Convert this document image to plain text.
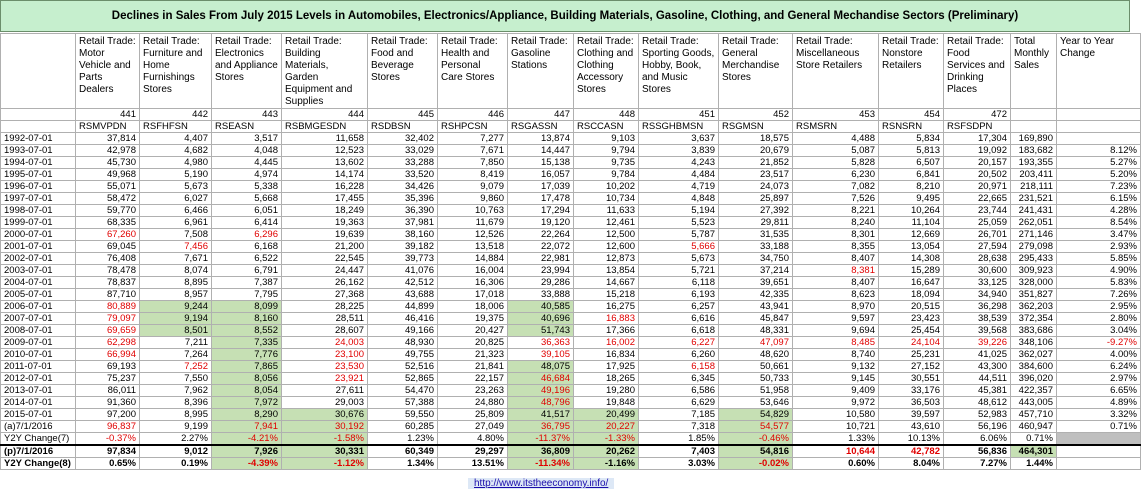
Declines in Sales From July 2015 Levels in Automobiles, Electronics/Appliance, Building Materials, Gasoline, Clothing, and General Mechandise Sectors (Preliminary)
	Retail Trade: Motor Vehicle and Parts Dealers	Retail Trade: Furniture and Home Furnishings Stores	Retail Trade: Electronics and Appliance Stores	Retail Trade: Building Materials, Garden Equipment and Supplies	Retail Trade: Food and Beverage Stores	Retail Trade: Health and Personal Care Stores	Retail Trade: Gasoline Stations	Retail Trade: Clothing and Clothing Accessory Stores	Retail Trade: Sporting Goods, Hobby, Book, and Music Stores	Retail Trade: General Merchandise Stores	Retail Trade: Miscellaneous Store Retailers	Retail Trade: Nonstore Retailers	Retail Trade: Food Services and Drinking Places	Total Monthly Sales	Year to Year Change
	441	442	443	444	445	446	447	448	451	452	453	454	472		
	RSMVPDN	RSFHFSN	RSEASN	RSBMGESDN	RSDBSN	RSHPCSN	RSGASSN	RSCCASN	RSSGHBMSN	RSGMSN	RSMSRN	RSNSRN	RSFSDPN		
1992-07-01	37,814	4,407	3,517	11,658	32,402	7,277	13,874	9,103	3,637	18,575	4,488	5,834	17,304	169,890	
1993-07-01	42,978	4,682	4,048	12,523	33,029	7,671	14,447	9,794	3,839	20,679	5,087	5,813	19,092	183,682	8.12%
1994-07-01	45,730	4,980	4,445	13,602	33,288	7,850	15,138	9,735	4,243	21,852	5,828	6,507	20,157	193,355	5.27%
1995-07-01	49,968	5,190	4,974	14,174	33,520	8,419	16,057	9,784	4,484	23,517	6,230	6,841	20,502	203,411	5.20%
1996-07-01	55,071	5,673	5,338	16,228	34,426	9,079	17,039	10,202	4,719	24,073	7,082	8,210	20,971	218,111	7.23%
1997-07-01	58,472	6,027	5,668	17,455	35,396	9,860	17,478	10,734	4,848	25,897	7,526	9,495	22,665	231,521	6.15%
1998-07-01	59,770	6,466	6,051	18,249	36,390	10,763	17,294	11,633	5,194	27,392	8,221	10,264	23,744	241,431	4.28%
1999-07-01	68,335	6,961	6,414	19,363	37,981	11,679	19,120	12,461	5,523	29,811	8,240	11,104	25,059	262,051	8.54%
2000-07-01	67,260	7,508	6,296	19,639	38,160	12,526	22,264	12,500	5,787	31,535	8,301	12,669	26,701	271,146	3.47%
2001-07-01	69,045	7,456	6,168	21,200	39,182	13,518	22,072	12,600	5,666	33,188	8,355	13,054	27,594	279,098	2.93%
2002-07-01	76,408	7,671	6,522	22,545	39,773	14,884	22,981	12,873	5,673	34,750	8,407	14,308	28,638	295,433	5.85%
2003-07-01	78,478	8,074	6,791	24,447	41,076	16,004	23,994	13,854	5,721	37,214	8,381	15,289	30,600	309,923	4.90%
2004-07-01	78,837	8,895	7,387	26,162	42,512	16,306	29,286	14,667	6,118	39,651	8,407	16,647	33,125	328,000	5.83%
2005-07-01	87,710	8,957	7,795	27,368	43,688	17,018	33,888	15,218	6,193	42,335	8,623	18,094	34,940	351,827	7.26%
2006-07-01	80,889	9,244	8,099	28,225	44,899	18,006	40,585	16,275	6,257	43,941	8,970	20,515	36,298	362,203	2.95%
2007-07-01	79,097	9,194	8,160	28,511	46,416	19,375	40,696	16,883	6,616	45,847	9,597	23,423	38,539	372,354	2.80%
2008-07-01	69,659	8,501	8,552	28,607	49,166	20,427	51,743	17,366	6,618	48,331	9,694	25,454	39,568	383,686	3.04%
2009-07-01	62,298	7,211	7,335	24,003	48,930	20,825	36,363	16,002	6,227	47,097	8,485	24,104	39,226	348,106	-9.27%
2010-07-01	66,994	7,264	7,776	23,100	49,755	21,323	39,105	16,834	6,260	48,620	8,740	25,231	41,025	362,027	4.00%
2011-07-01	69,193	7,252	7,865	23,530	52,516	21,841	48,075	17,925	6,158	50,661	9,132	27,152	43,300	384,600	6.24%
2012-07-01	75,237	7,550	8,056	23,921	52,865	22,157	46,684	18,265	6,345	50,733	9,145	30,551	44,511	396,020	2.97%
2013-07-01	86,011	7,962	8,054	27,611	54,470	23,263	49,196	19,280	6,586	51,958	9,409	33,176	45,381	422,357	6.65%
2014-07-01	91,360	8,396	7,972	29,003	57,388	24,880	48,796	19,848	6,629	53,646	9,972	36,503	48,612	443,005	4.89%
2015-07-01	97,200	8,995	8,290	30,676	59,550	25,809	41,517	20,499	7,185	54,829	10,580	39,597	52,983	457,710	3.32%
(a)7/1/2016	96,837	9,199	7,941	30,192	60,285	27,049	36,795	20,227	7,318	54,577	10,721	43,610	56,196	460,947	0.71%
Y2Y Change(7)	-0.37%	2.27%	-4.21%	-1.58%	1.23%	4.80%	-11.37%	-1.33%	1.85%	-0.46%	1.33%	10.13%	6.06%	0.71%	
(p)7/1/2016	97,834	9,012	7,926	30,331	60,349	29,297	36,809	20,262	7,403	54,816	10,644	42,782	56,836	464,301	
Y2Y Change(8)	0.65%	0.19%	-4.39%	-1.12%	1.34%	13.51%	-11.34%	-1.16%	3.03%	-0.02%	0.60%	8.04%	7.27%	1.44%	
http://www.itstheeconomy.info/
